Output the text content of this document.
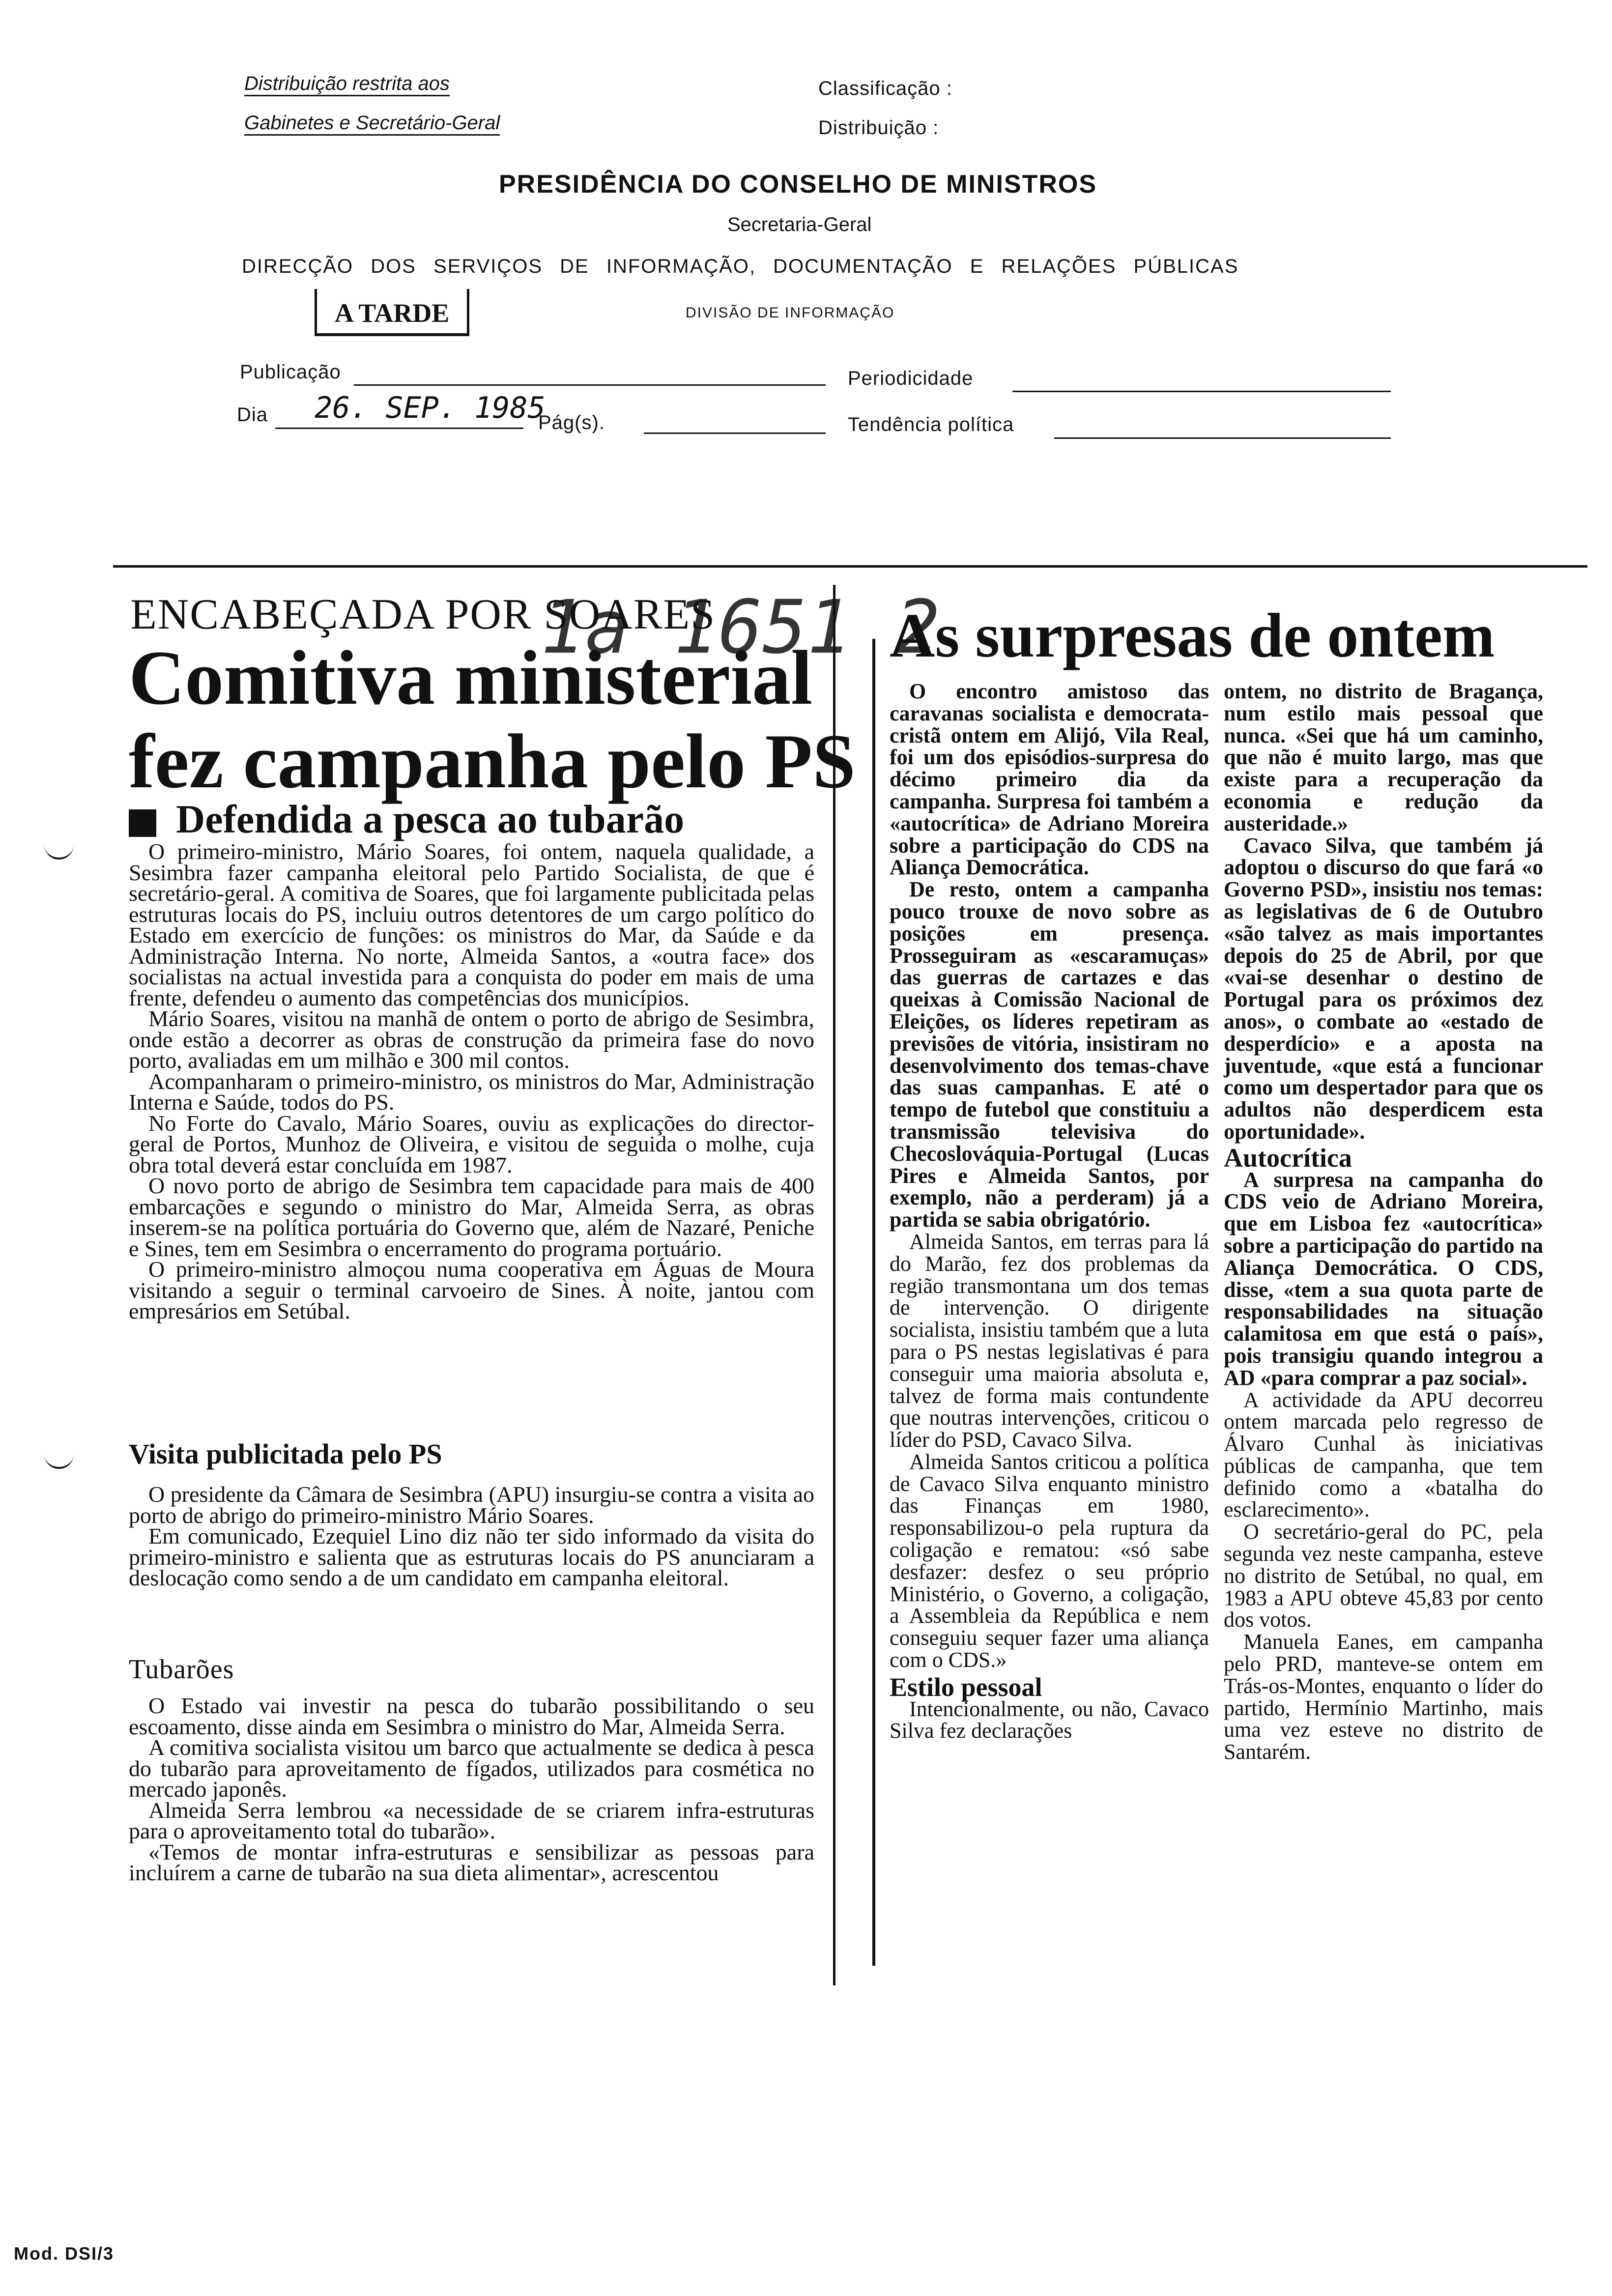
Distribuição restrita aos
Gabinetes e Secretário-Geral
Classificação :
Distribuição :
PRESIDÊNCIA DO CONSELHO DE MINISTROS
Secretaria-Geral
DIRECÇÃO DOS SERVIÇOS DE INFORMAÇÃO, DOCUMENTAÇÃO E RELAÇÕES PÚBLICAS
A TARDE	DIVISÃO DE INFORMAÇÃO
Publicação	Periodicidade
Dia 26. SEP. 1985
Pág(s).	Tendência política
ENCABEÇADA POR SOARES
Comitiva ministerial
fez campanha pelo PS
1a 1651 2
Defendida a pesca ao tubarão

O primeiro-ministro, Mário Soares, foi ontem, naquela qualidade, a Sesimbra fazer campanha eleitoral pelo Partido Socialista, de que é secretário-geral. A comitiva de Soares, que foi largamente publicitada pelas estruturas locais do PS, incluiu outros detentores de um cargo político do Estado em exercício de funções: os ministros do Mar, da Saúde e da Administração Interna. No norte, Almeida Santos, a «outra face» dos socialistas na actual investida para a conquista do poder em mais de uma frente, defendeu o aumento das competências dos municípios.

Mário Soares, visitou na manhã de ontem o porto de abrigo de Sesimbra, onde estão a decorrer as obras de construção da primeira fase do novo porto, avaliadas em um milhão e 300 mil contos.

Acompanharam o primeiro-ministro, os ministros do Mar, Administração Interna e Saúde, todos do PS.

No Forte do Cavalo, Mário Soares, ouviu as explicações do director-geral de Portos, Munhoz de Oliveira, e visitou de seguida o molhe, cuja obra total deverá estar concluída em 1987.

O novo porto de abrigo de Sesimbra tem capacidade para mais de 400 embarcações e segundo o ministro do Mar, Almeida Serra, as obras inserem-se na política portuária do Governo que, além de Nazaré, Peniche e Sines, tem em Sesimbra o encerramento do programa portuário.

O primeiro-ministro almoçou numa cooperativa em Águas de Moura visitando a seguir o terminal carvoeiro de Sines. À noite, jantou com empresários em Setúbal.

Visita publicitada pelo PS

O presidente da Câmara de Sesimbra (APU) insurgiu-se contra a visita ao porto de abrigo do primeiro-ministro Mário Soares.

Em comunicado, Ezequiel Lino diz não ter sido informado da visita do primeiro-ministro e salienta que as estruturas locais do PS anunciaram a deslocação como sendo a de um candidato em campanha eleitoral.

Tubarões

O Estado vai investir na pesca do tubarão possibilitando o seu escoamento, disse ainda em Sesimbra o ministro do Mar, Almeida Serra.

A comitiva socialista visitou um barco que actualmente se dedica à pesca do tubarão para aproveitamento de fígados, utilizados para cosmética no mercado japonês.

Almeida Serra lembrou «a necessidade de se criarem infra-estruturas para o aproveitamento total do tubarão».

«Temos de montar infra-estruturas e sensibilizar as pessoas para incluírem a carne de tubarão na sua dieta alimentar», acrescentou

As surpresas de ontem

O encontro amistoso das caravanas socialista e democrata-cristã ontem em Alijó, Vila Real, foi um dos episódios-surpresa do décimo primeiro dia da campanha. Surpresa foi também a «autocrítica» de Adriano Moreira sobre a participação do CDS na Aliança Democrática.

De resto, ontem a campanha pouco trouxe de novo sobre as posições em presença. Prosseguiram as «escaramuças» das guerras de cartazes e das queixas à Comissão Nacional de Eleições, os líderes repetiram as previsões de vitória, insistiram no desenvolvimento dos temas-chave das suas campanhas. E até o tempo de futebol que constituiu a transmissão televisiva do Checoslováquia-Portugal (Lucas Pires e Almeida Santos, por exemplo, não a perderam) já a partida se sabia obrigatório.

Almeida Santos, em terras para lá do Marão, fez dos problemas da região transmontana um dos temas de intervenção. O dirigente socialista, insistiu também que a luta para o PS nestas legislativas é para conseguir uma maioria absoluta e, talvez de forma mais contundente que noutras intervenções, criticou o líder do PSD, Cavaco Silva.

Almeida Santos criticou a política de Cavaco Silva enquanto ministro das Finanças em 1980, responsabilizou-o pela ruptura da coligação e rematou: «só sabe desfazer: desfez o seu próprio Ministério, o Governo, a coligação, a Assembleia da República e nem conseguiu sequer fazer uma aliança com o CDS.»

Estilo pessoal

Intencionalmente, ou não, Cavaco Silva fez declarações

ontem, no distrito de Bragança, num estilo mais pessoal que nunca. «Sei que há um caminho, que não é muito largo, mas que existe para a recuperação da economia e redução da austeridade.»

Cavaco Silva, que também já adoptou o discurso do que fará «o Governo PSD», insistiu nos temas: as legislativas de 6 de Outubro «são talvez as mais importantes depois do 25 de Abril, por que «vai-se desenhar o destino de Portugal para os próximos dez anos», o combate ao «estado de desperdício» e a aposta na juventude, «que está a funcionar como um despertador para que os adultos não desperdicem esta oportunidade».

Autocrítica

A surpresa na campanha do CDS veio de Adriano Moreira, que em Lisboa fez «autocrítica» sobre a participação do partido na Aliança Democrática. O CDS, disse, «tem a sua quota parte de responsabilidades na situação calamitosa em que está o país», pois transigiu quando integrou a AD «para comprar a paz social».

A actividade da APU decorreu ontem marcada pelo regresso de Álvaro Cunhal às iniciativas públicas de campanha, que tem definido como a «batalha do esclarecimento».

O secretário-geral do PC, pela segunda vez neste campanha, esteve no distrito de Setúbal, no qual, em 1983 a APU obteve 45,83 por cento dos votos.

Manuela Eanes, em campanha pelo PRD, manteve-se ontem em Trás-os-Montes, enquanto o líder do partido, Hermínio Martinho, mais uma vez esteve no distrito de Santarém.

Mod. DSI/3
